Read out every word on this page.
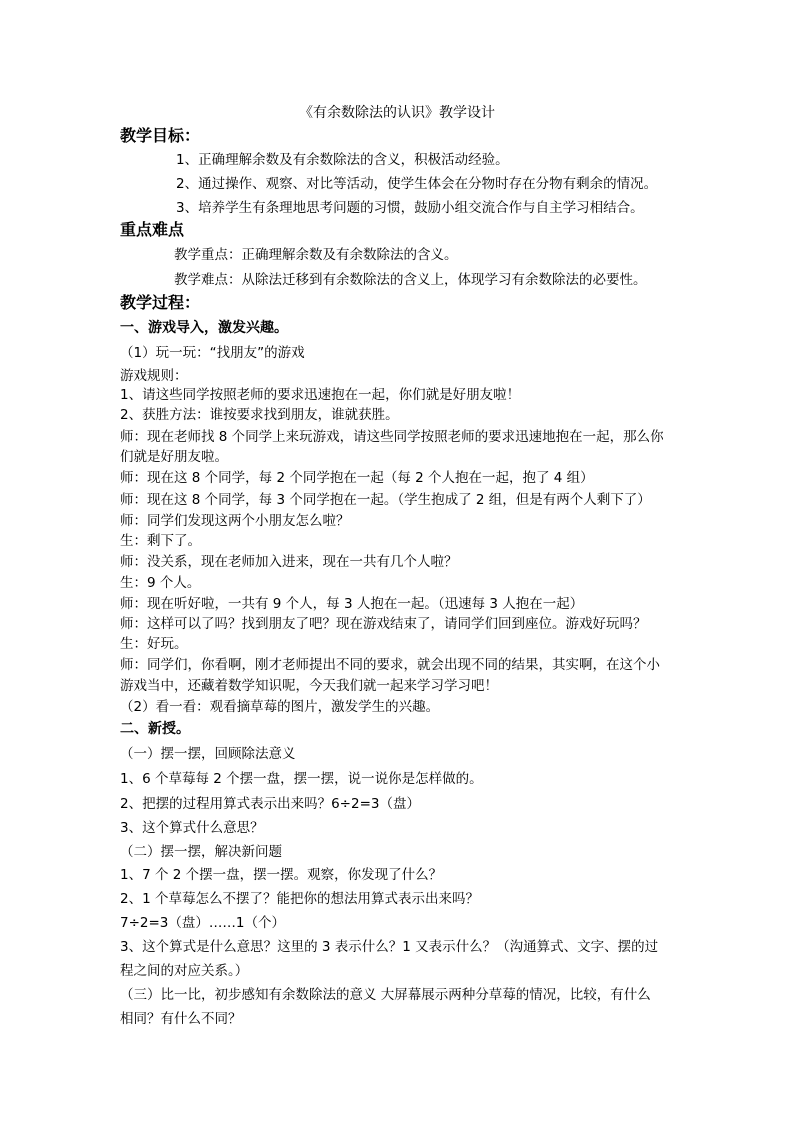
《有余数除法的认识》教学设计
教学目标：
1、正确理解余数及有余数除法的含义，积极活动经验。
2、通过操作、观察、对比等活动，使学生体会在分物时存在分物有剩余的情况。
3、培养学生有条理地思考问题的习惯，鼓励小组交流合作与自主学习相结合。
重点难点
教学重点：正确理解余数及有余数除法的含义。
教学难点：从除法迁移到有余数除法的含义上，体现学习有余数除法的必要性。
教学过程：
一、游戏导入，激发兴趣。
（1）玩一玩：“找朋友”的游戏
游戏规则：
1、请这些同学按照老师的要求迅速抱在一起，你们就是好朋友啦！
2、获胜方法：谁按要求找到朋友，谁就获胜。
师：现在老师找 8 个同学上来玩游戏，请这些同学按照老师的要求迅速地抱在一起，那么你
们就是好朋友啦。
师：现在这 8 个同学，每 2 个同学抱在一起（每 2 个人抱在一起，抱了 4 组）
师：现在这 8 个同学，每 3 个同学抱在一起。（学生抱成了 2 组，但是有两个人剩下了）
师：同学们发现这两个小朋友怎么啦？
生：剩下了。
师：没关系，现在老师加入进来，现在一共有几个人啦？
生：9 个人。
师：现在听好啦，一共有 9 个人，每 3 人抱在一起。（迅速每 3 人抱在一起）
师：这样可以了吗？找到朋友了吧？现在游戏结束了，请同学们回到座位。游戏好玩吗？
生：好玩。
师：同学们，你看啊，刚才老师提出不同的要求，就会出现不同的结果，其实啊，在这个小
游戏当中，还藏着数学知识呢，今天我们就一起来学习学习吧！
（2）看一看：观看摘草莓的图片，激发学生的兴趣。
二、新授。
（一）摆一摆，回顾除法意义
1、6 个草莓每 2 个摆一盘，摆一摆，说一说你是怎样做的。
2、把摆的过程用算式表示出来吗？6÷2=3（盘）
3、这个算式什么意思？
（二）摆一摆，解决新问题
1、7 个 2 个摆一盘，摆一摆。观察，你发现了什么？
2、1 个草莓怎么不摆了？能把你的想法用算式表示出来吗？
7÷2=3（盘）……1（个）
3、这个算式是什么意思？这里的 3 表示什么？1 又表示什么？（沟通算式、文字、摆的过
程之间的对应关系。）
（三）比一比，初步感知有余数除法的意义 大屏幕展示两种分草莓的情况，比较，有什么
相同？有什么不同？
